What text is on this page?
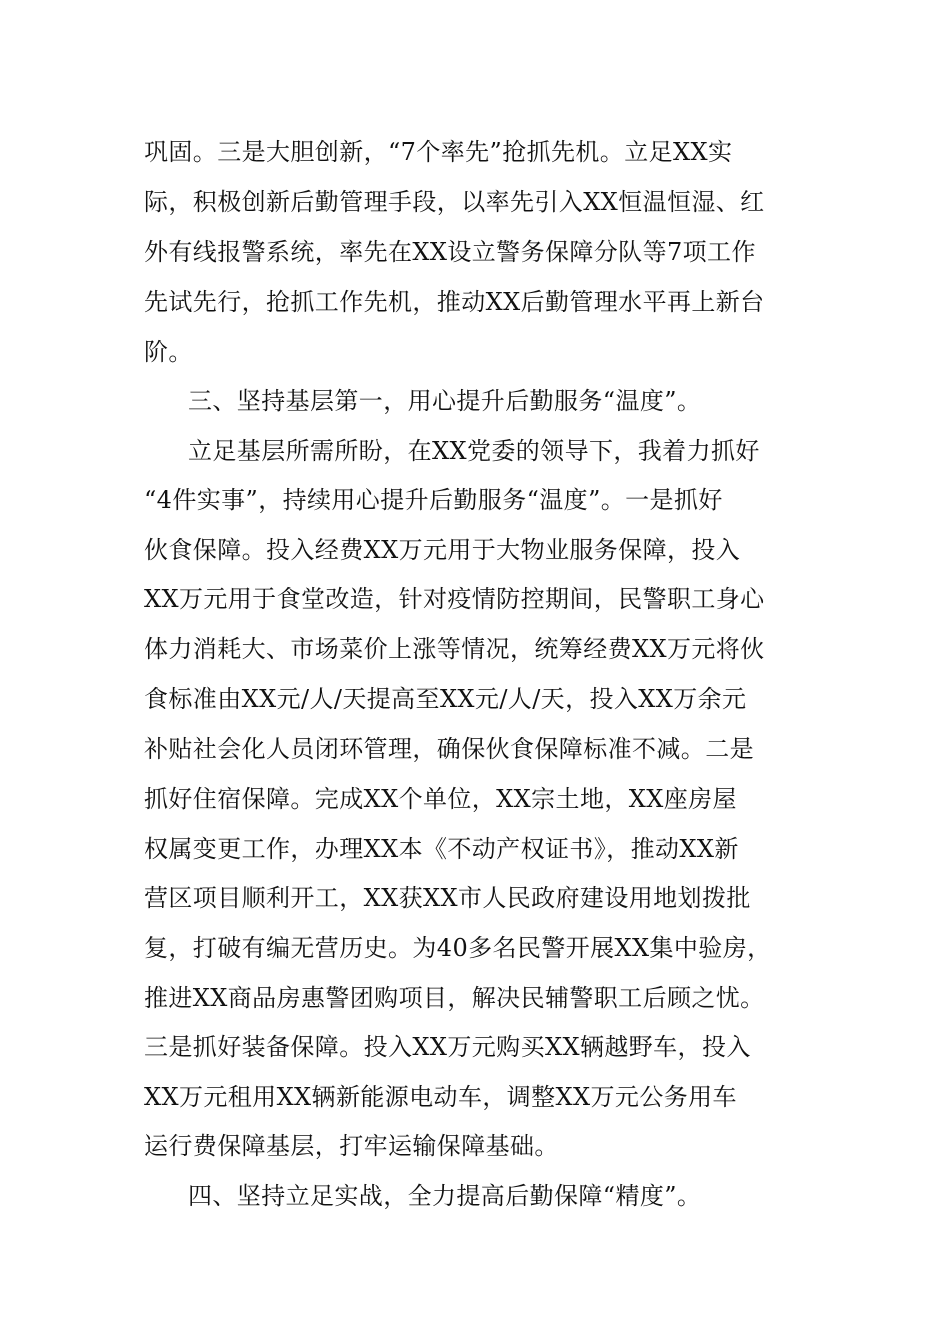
巩固。三是大胆创新，“7个率先”抢抓先机。立足XX实

际，积极创新后勤管理手段，以率先引入XX恒温恒湿、红

外有线报警系统，率先在XX设立警务保障分队等7项工作

先试先行，抢抓工作先机，推动XX后勤管理水平再上新台

阶。

三、坚持基层第一，用心提升后勤服务“温度”。

立足基层所需所盼，在XX党委的领导下，我着力抓好

“4件实事”，持续用心提升后勤服务“温度”。一是抓好

伙食保障。投入经费XX万元用于大物业服务保障，投入

XX万元用于食堂改造，针对疫情防控期间，民警职工身心

体力消耗大、市场菜价上涨等情况，统筹经费XX万元将伙

食标准由XX元/人/天提高至XX元/人/天，投入XX万余元

补贴社会化人员闭环管理，确保伙食保障标准不减。二是

抓好住宿保障。完成XX个单位，XX宗土地，XX座房屋

权属变更工作，办理XX本《不动产权证书》，推动XX新

营区项目顺利开工，XX获XX市人民政府建设用地划拨批

复，打破有编无营历史。为40多名民警开展XX集中验房，

推进XX商品房惠警团购项目，解决民辅警职工后顾之忧。

三是抓好装备保障。投入XX万元购买XX辆越野车，投入

XX万元租用XX辆新能源电动车，调整XX万元公务用车

运行费保障基层，打牢运输保障基础。

四、坚持立足实战，全力提高后勤保障“精度”。
